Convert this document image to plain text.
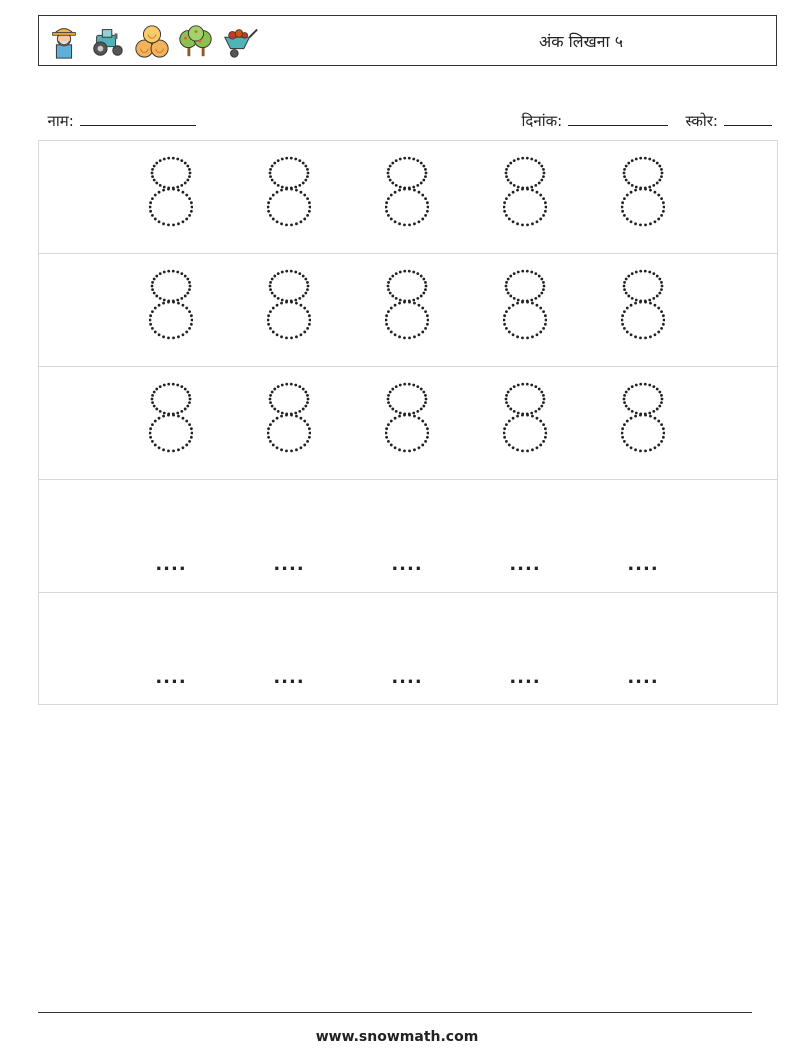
अंक लिखना ५

नाम:	दिनांक:	स्कोर:

....	....	....	....	....
....	....	....	....	....
www.snowmath.com
